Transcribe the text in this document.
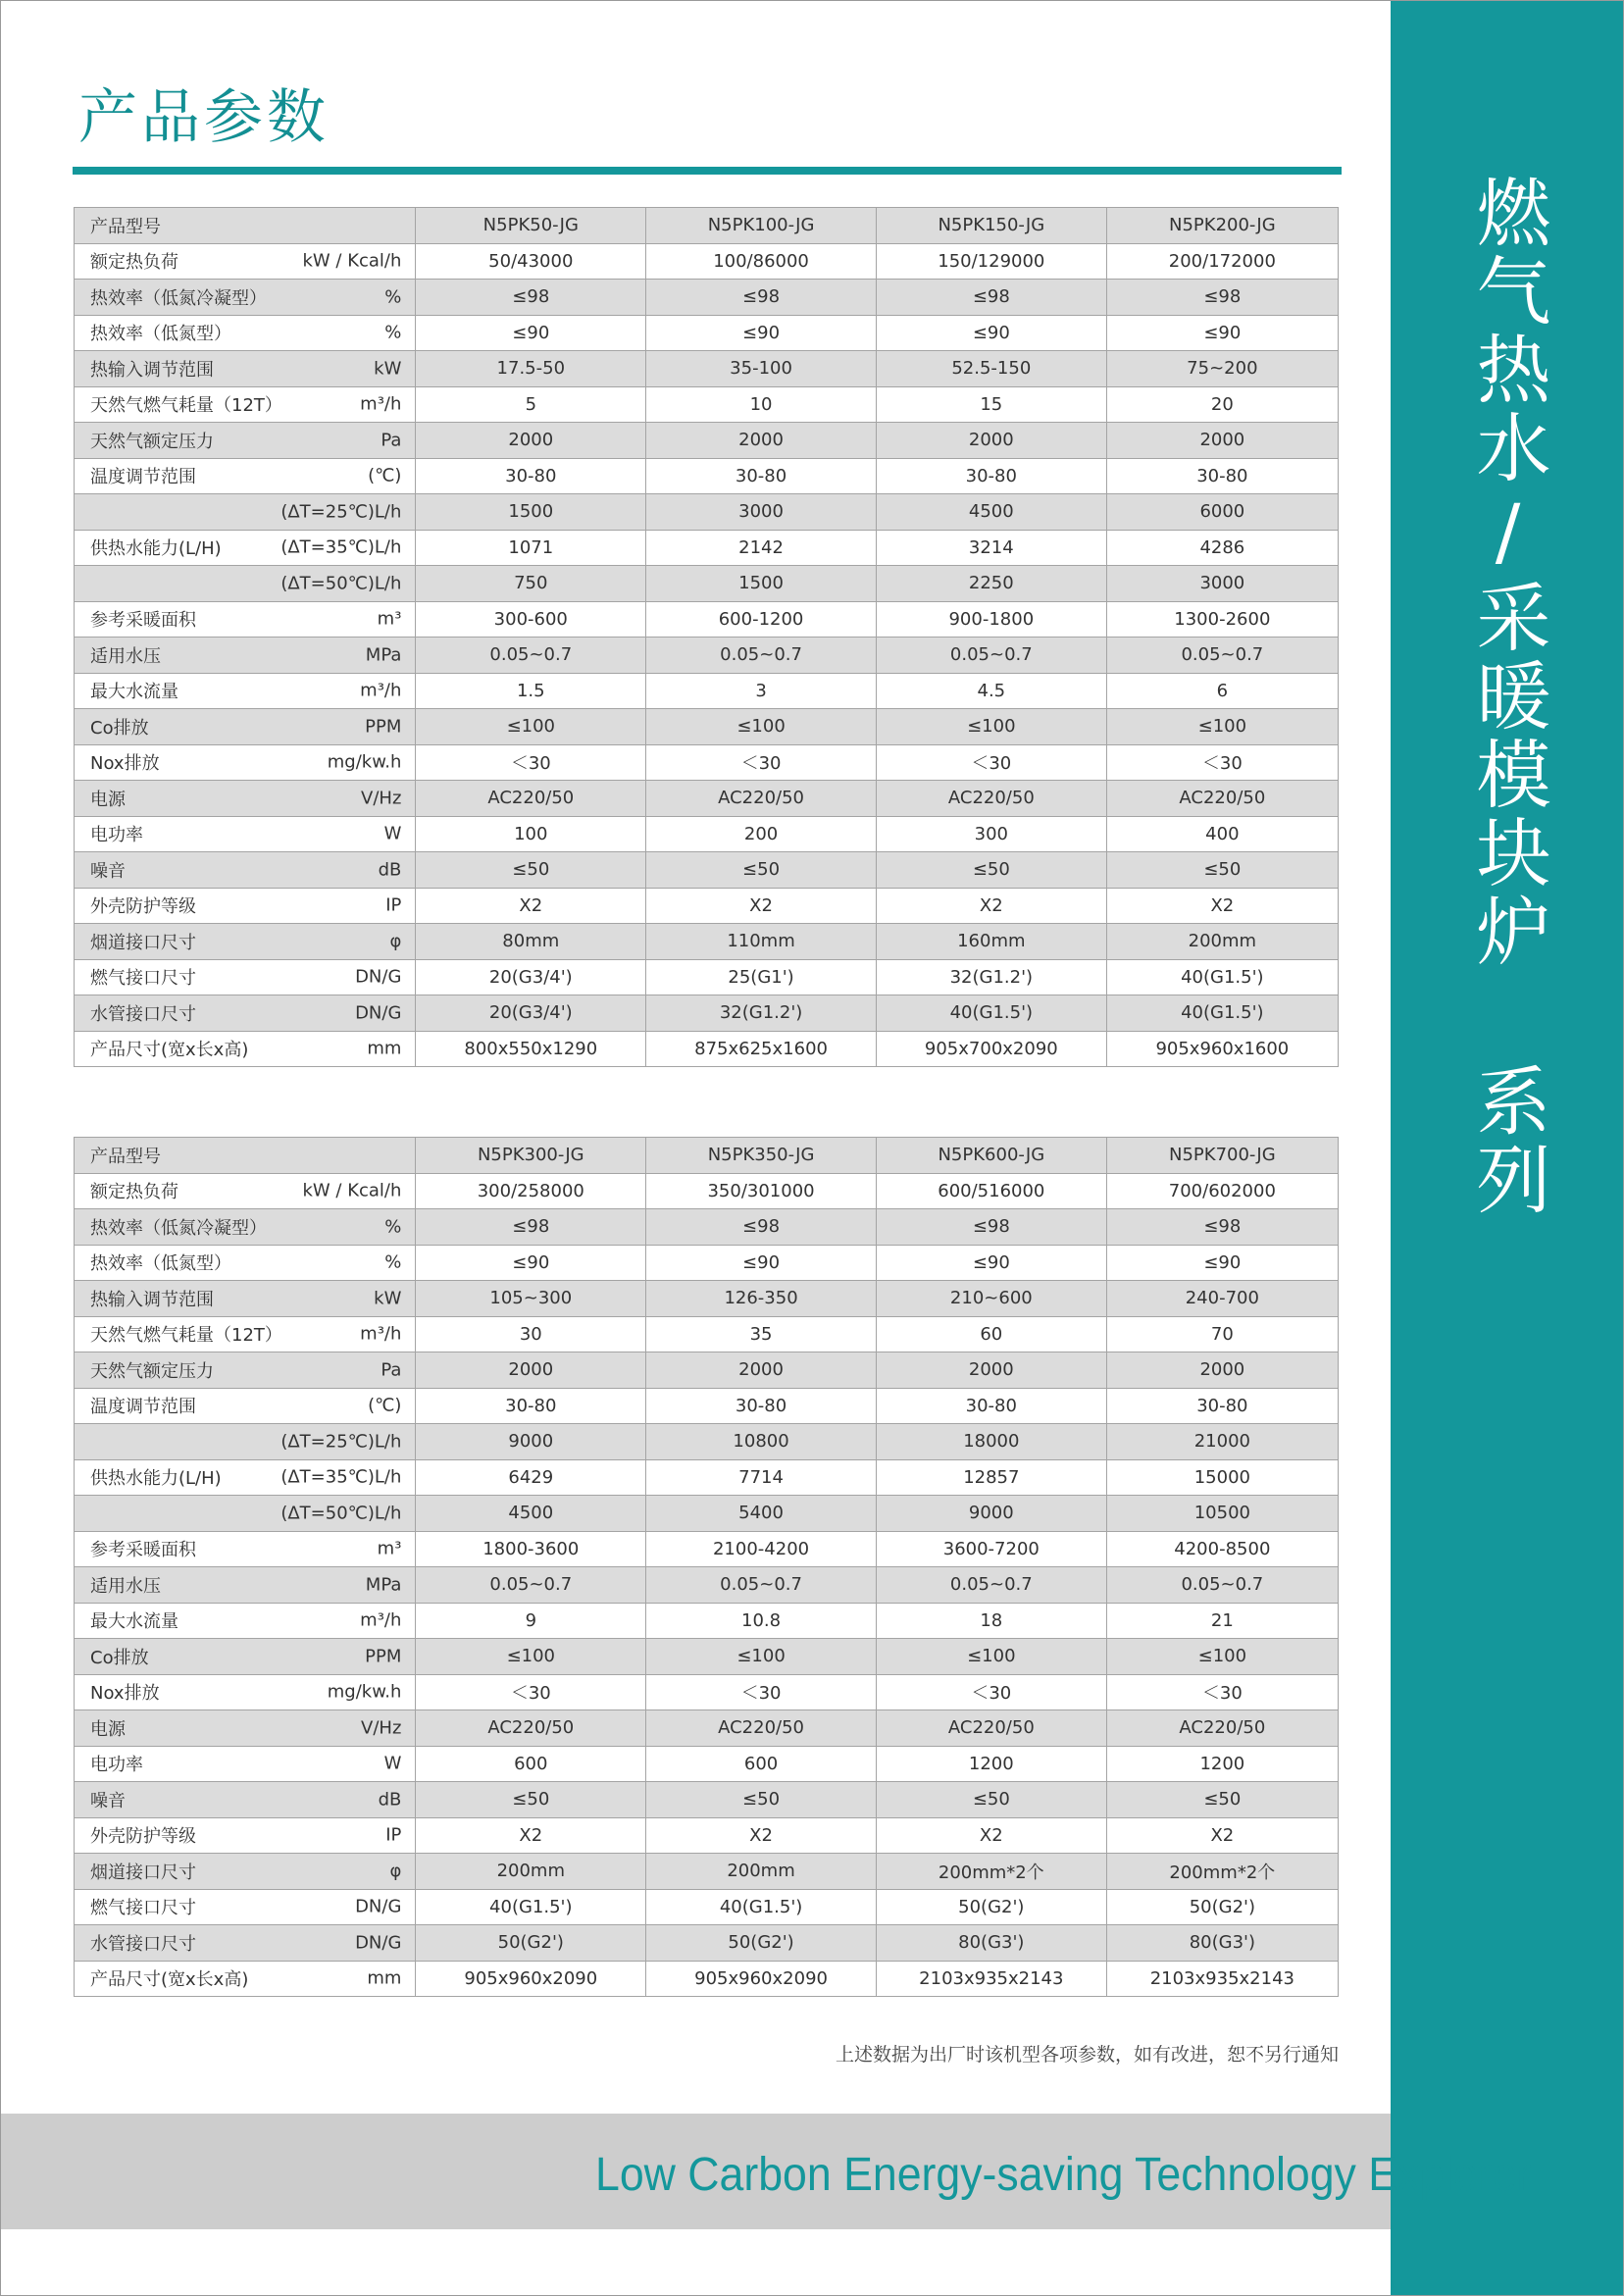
燃气热水/采暖模块炉 系列
产品参数
产品型号	N5PK50-JG	N5PK100-JG	N5PK150-JG	N5PK200-JG

额定热负荷 kW / Kcal/h	50/43000	100/86000	150/129000	200/172000

热效率（低氮冷凝型） %	≤98	≤98	≤98	≤98

热效率（低氮型） %	≤90	≤90	≤90	≤90

热输入调节范围 kW	17.5-50	35-100	52.5-150	75~200

天然气燃气耗量（12T） m³/h	5	10	15	20

天然气额定压力 Pa	2000	2000	2000	2000

温度调节范围 (℃)	30-80	30-80	30-80	30-80

(ΔT=25℃)L/h	1500	3000	4500	6000

供热水能力(L/H) (ΔT=35℃)L/h	1071	2142	3214	4286

(ΔT=50℃)L/h	750	1500	2250	3000

参考采暖面积 m³	300-600	600-1200	900-1800	1300-2600

适用水压 MPa	0.05~0.7	0.05~0.7	0.05~0.7	0.05~0.7

最大水流量 m³/h	1.5	3	4.5	6

Co排放 PPM	≤100	≤100	≤100	≤100

Nox排放 mg/kw.h	＜30	＜30	＜30	＜30

电源 V/Hz	AC220/50	AC220/50	AC220/50	AC220/50

电功率 W	100	200	300	400

噪音 dB	≤50	≤50	≤50	≤50

外壳防护等级 IP	X2	X2	X2	X2

烟道接口尺寸 φ	80mm	110mm	160mm	200mm

燃气接口尺寸 DN/G	20(G3/4')	25(G1')	32(G1.2')	40(G1.5')

水管接口尺寸 DN/G	20(G3/4')	32(G1.2')	40(G1.5')	40(G1.5')

产品尺寸(宽x长x高) mm	800x550x1290	875x625x1600	905x700x2090	905x960x1600
产品型号	N5PK300-JG	N5PK350-JG	N5PK600-JG	N5PK700-JG

额定热负荷 kW / Kcal/h	300/258000	350/301000	600/516000	700/602000

热效率（低氮冷凝型） %	≤98	≤98	≤98	≤98

热效率（低氮型） %	≤90	≤90	≤90	≤90

热输入调节范围 kW	105~300	126-350	210~600	240-700

天然气燃气耗量（12T） m³/h	30	35	60	70

天然气额定压力 Pa	2000	2000	2000	2000

温度调节范围 (℃)	30-80	30-80	30-80	30-80

(ΔT=25℃)L/h	9000	10800	18000	21000

供热水能力(L/H) (ΔT=35℃)L/h	6429	7714	12857	15000

(ΔT=50℃)L/h	4500	5400	9000	10500

参考采暖面积 m³	1800-3600	2100-4200	3600-7200	4200-8500

适用水压 MPa	0.05~0.7	0.05~0.7	0.05~0.7	0.05~0.7

最大水流量 m³/h	9	10.8	18	21

Co排放 PPM	≤100	≤100	≤100	≤100

Nox排放 mg/kw.h	＜30	＜30	＜30	＜30

电源 V/Hz	AC220/50	AC220/50	AC220/50	AC220/50

电功率 W	600	600	1200	1200

噪音 dB	≤50	≤50	≤50	≤50

外壳防护等级 IP	X2	X2	X2	X2

烟道接口尺寸 φ	200mm	200mm	200mm*2个	200mm*2个

燃气接口尺寸 DN/G	40(G1.5')	40(G1.5')	50(G2')	50(G2')

水管接口尺寸 DN/G	50(G2')	50(G2')	80(G3')	80(G3')

产品尺寸(宽x长x高) mm	905x960x2090	905x960x2090	2103x935x2143	2103x935x2143
上述数据为出厂时该机型各项参数，如有改进，恕不另行通知
Low Carbon Energy-saving Technology Explorer
